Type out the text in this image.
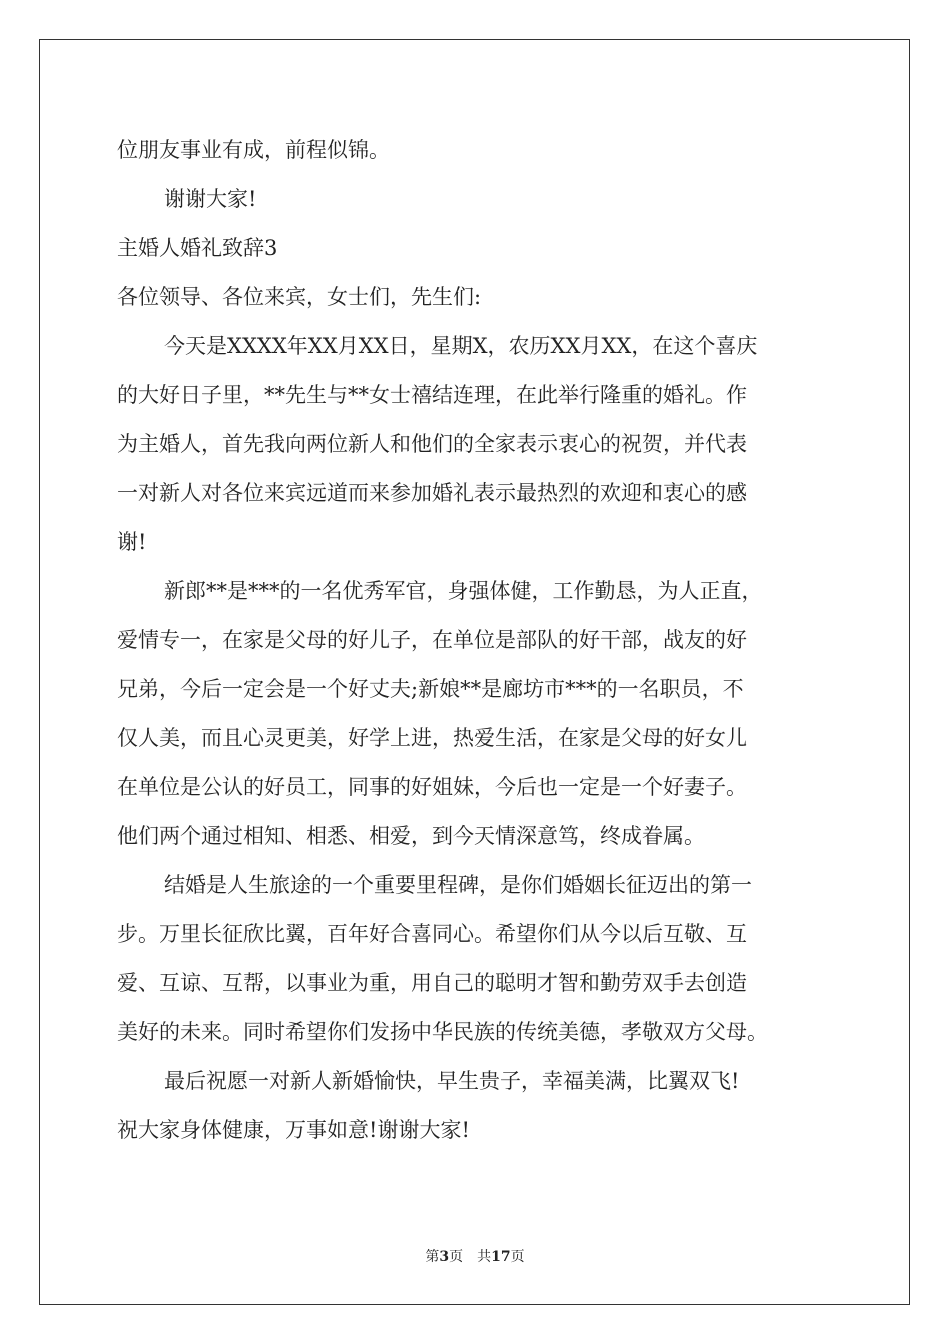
位朋友事业有成，前程似锦。

谢谢大家!

主婚人婚礼致辞3

各位领导、各位来宾，女士们，先生们:

今天是XXXX年XX月XX日，星期X，农历XX月XX，在这个喜庆

的大好日子里，**先生与**女士禧结连理，在此举行隆重的婚礼。作

为主婚人，首先我向两位新人和他们的全家表示衷心的祝贺，并代表

一对新人对各位来宾远道而来参加婚礼表示最热烈的欢迎和衷心的感

谢!

新郎**是***的一名优秀军官，身强体健，工作勤恳，为人正直，

爱情专一，在家是父母的好儿子，在单位是部队的好干部，战友的好

兄弟，今后一定会是一个好丈夫;新娘**是廊坊市***的一名职员，不

仅人美，而且心灵更美，好学上进，热爱生活，在家是父母的好女儿

在单位是公认的好员工，同事的好姐妹，今后也一定是一个好妻子。

他们两个通过相知、相悉、相爱，到今天情深意笃，终成眷属。

结婚是人生旅途的一个重要里程碑，是你们婚姻长征迈出的第一

步。万里长征欣比翼，百年好合喜同心。希望你们从今以后互敬、互

爱、互谅、互帮，以事业为重，用自己的聪明才智和勤劳双手去创造

美好的未来。同时希望你们发扬中华民族的传统美德，孝敬双方父母。

最后祝愿一对新人新婚愉快，早生贵子，幸福美满，比翼双飞!

祝大家身体健康，万事如意!谢谢大家!

第3页　共17页
